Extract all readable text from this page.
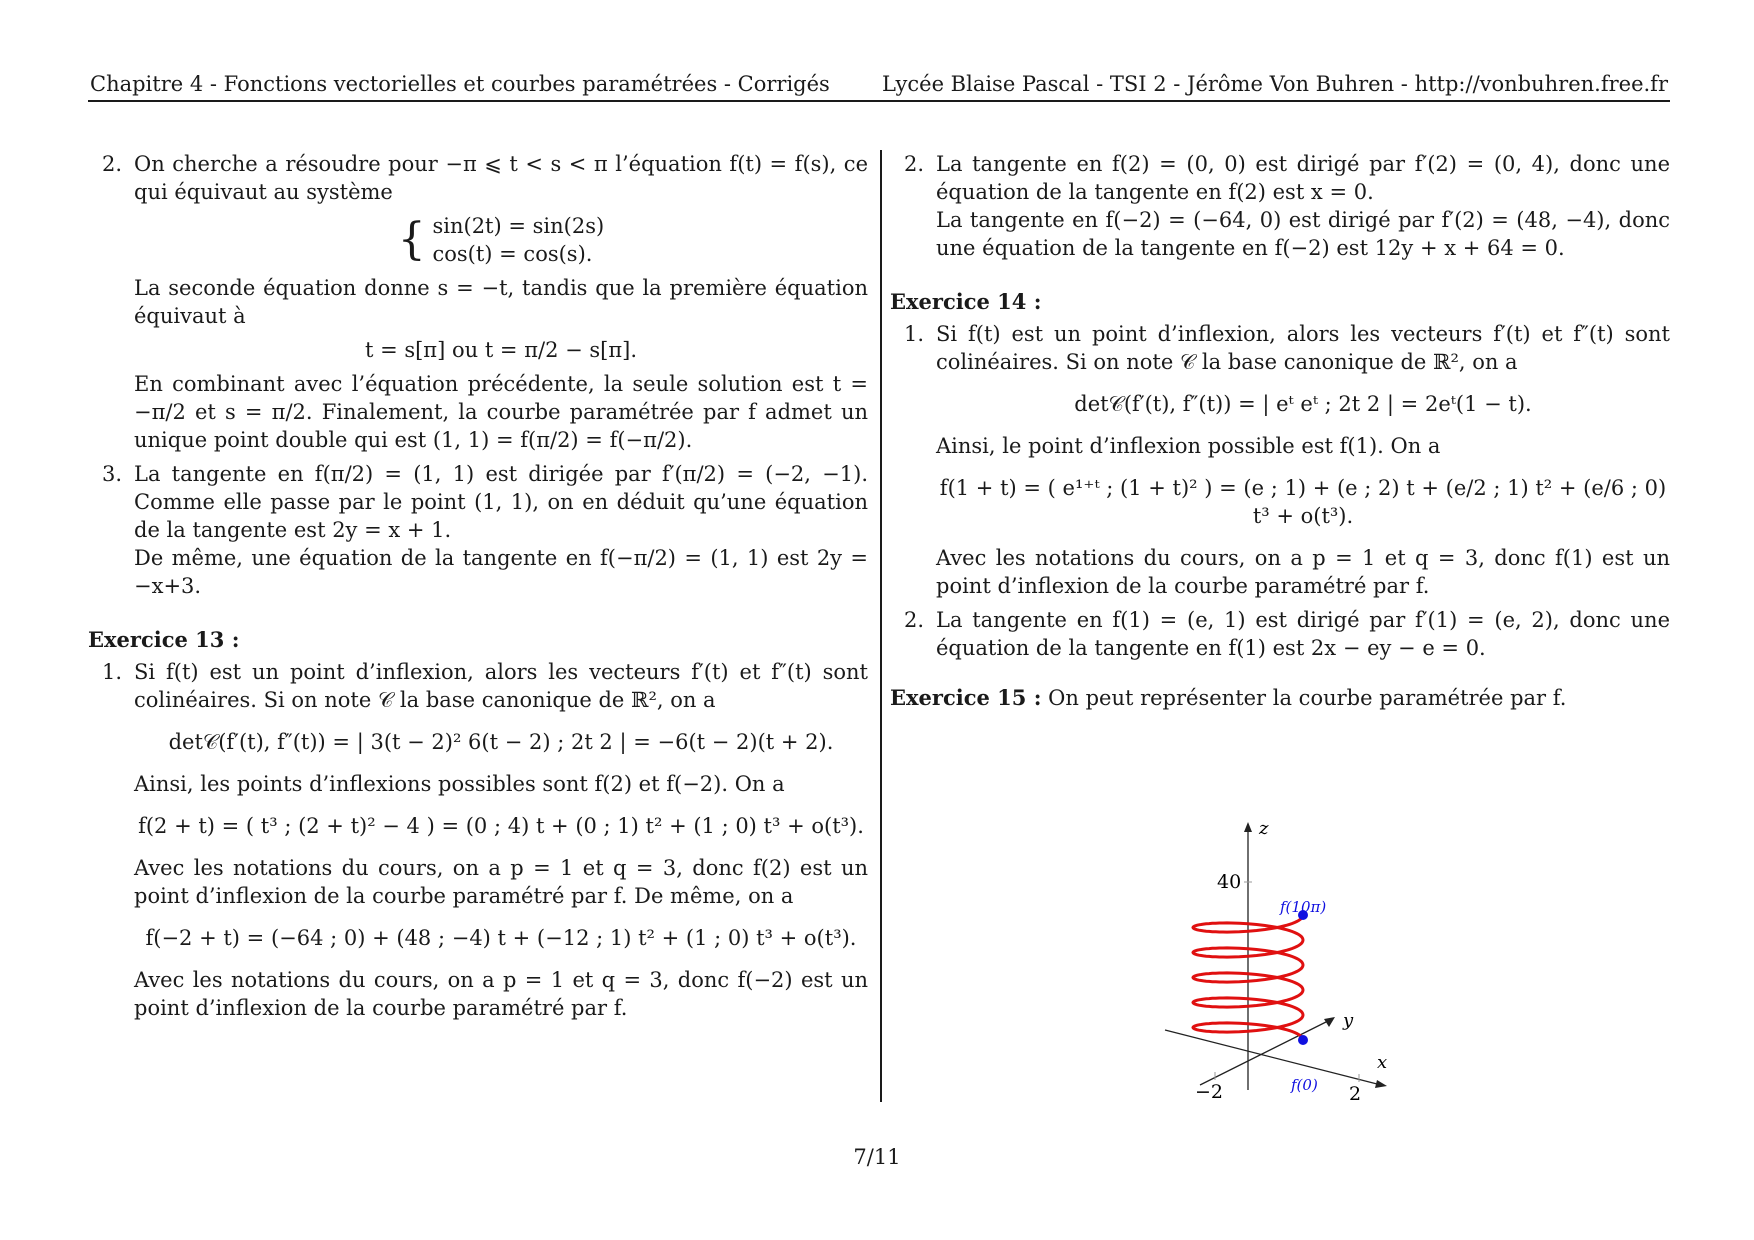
Chapitre 4 - Fonctions vectorielles et courbes paramétrées - Corrigés Lycée Blaise Pascal - TSI 2 - Jérôme Von Buhren - http://vonbuhren.free.fr
2. On cherche a résoudre pour −π ⩽ t < s < π l’équation f(t) = f(s), ce qui équivaut au système
{ sin(2t) = sin(2s)
cos(t) = cos(s).
La seconde équation donne s = −t, tandis que la première équation équivaut à
t = s[π] ou t = π/2 − s[π].
En combinant avec l’équation précédente, la seule solution est t = −π/2 et s = π/2. Finalement, la courbe paramétrée par f admet un unique point double qui est (1, 1) = f(π/2) = f(−π/2).
3. La tangente en f(π/2) = (1, 1) est dirigée par f′(π/2) = (−2, −1). Comme elle passe par le point (1, 1), on en déduit qu’une équation de la tangente est 2y = x + 1.
De même, une équation de la tangente en f(−π/2) = (1, 1) est 2y = −x+3.
Exercice 13 :
1. Si f(t) est un point d’inflexion, alors les vecteurs f′(t) et f″(t) sont colinéaires. Si on note 𝒞 la base canonique de ℝ², on a
det𝒞(f′(t), f″(t)) = | 3(t − 2)² 6(t − 2) ; 2t 2 | = −6(t − 2)(t + 2).
Ainsi, les points d’inflexions possibles sont f(2) et f(−2). On a
f(2 + t) = ( t³ ; (2 + t)² − 4 ) = (0 ; 4) t + (0 ; 1) t² + (1 ; 0) t³ + o(t³).
Avec les notations du cours, on a p = 1 et q = 3, donc f(2) est un point d’inflexion de la courbe paramétré par f. De même, on a
f(−2 + t) = (−64 ; 0) + (48 ; −4) t + (−12 ; 1) t² + (1 ; 0) t³ + o(t³).
Avec les notations du cours, on a p = 1 et q = 3, donc f(−2) est un point d’inflexion de la courbe paramétré par f.
2. La tangente en f(2) = (0, 0) est dirigé par f′(2) = (0, 4), donc une équation de la tangente en f(2) est x = 0.
La tangente en f(−2) = (−64, 0) est dirigé par f′(2) = (48, −4), donc une équation de la tangente en f(−2) est 12y + x + 64 = 0.
Exercice 14 :
1. Si f(t) est un point d’inflexion, alors les vecteurs f′(t) et f″(t) sont colinéaires. Si on note 𝒞 la base canonique de ℝ², on a
det𝒞(f′(t), f″(t)) = | eᵗ eᵗ ; 2t 2 | = 2eᵗ(1 − t).
Ainsi, le point d’inflexion possible est f(1). On a
f(1 + t) = ( e¹⁺ᵗ ; (1 + t)² ) = (e ; 1) + (e ; 2) t + (e/2 ; 1) t² + (e/6 ; 0) t³ + o(t³).
Avec les notations du cours, on a p = 1 et q = 3, donc f(1) est un point d’inflexion de la courbe paramétré par f.
2. La tangente en f(1) = (e, 1) est dirigé par f′(1) = (e, 2), donc une équation de la tangente en f(1) est 2x − ey − e = 0.
Exercice 15 : On peut représenter la courbe paramétrée par f.
z
y
x
40
−2	2
f(10π)
f(0)
7/11
